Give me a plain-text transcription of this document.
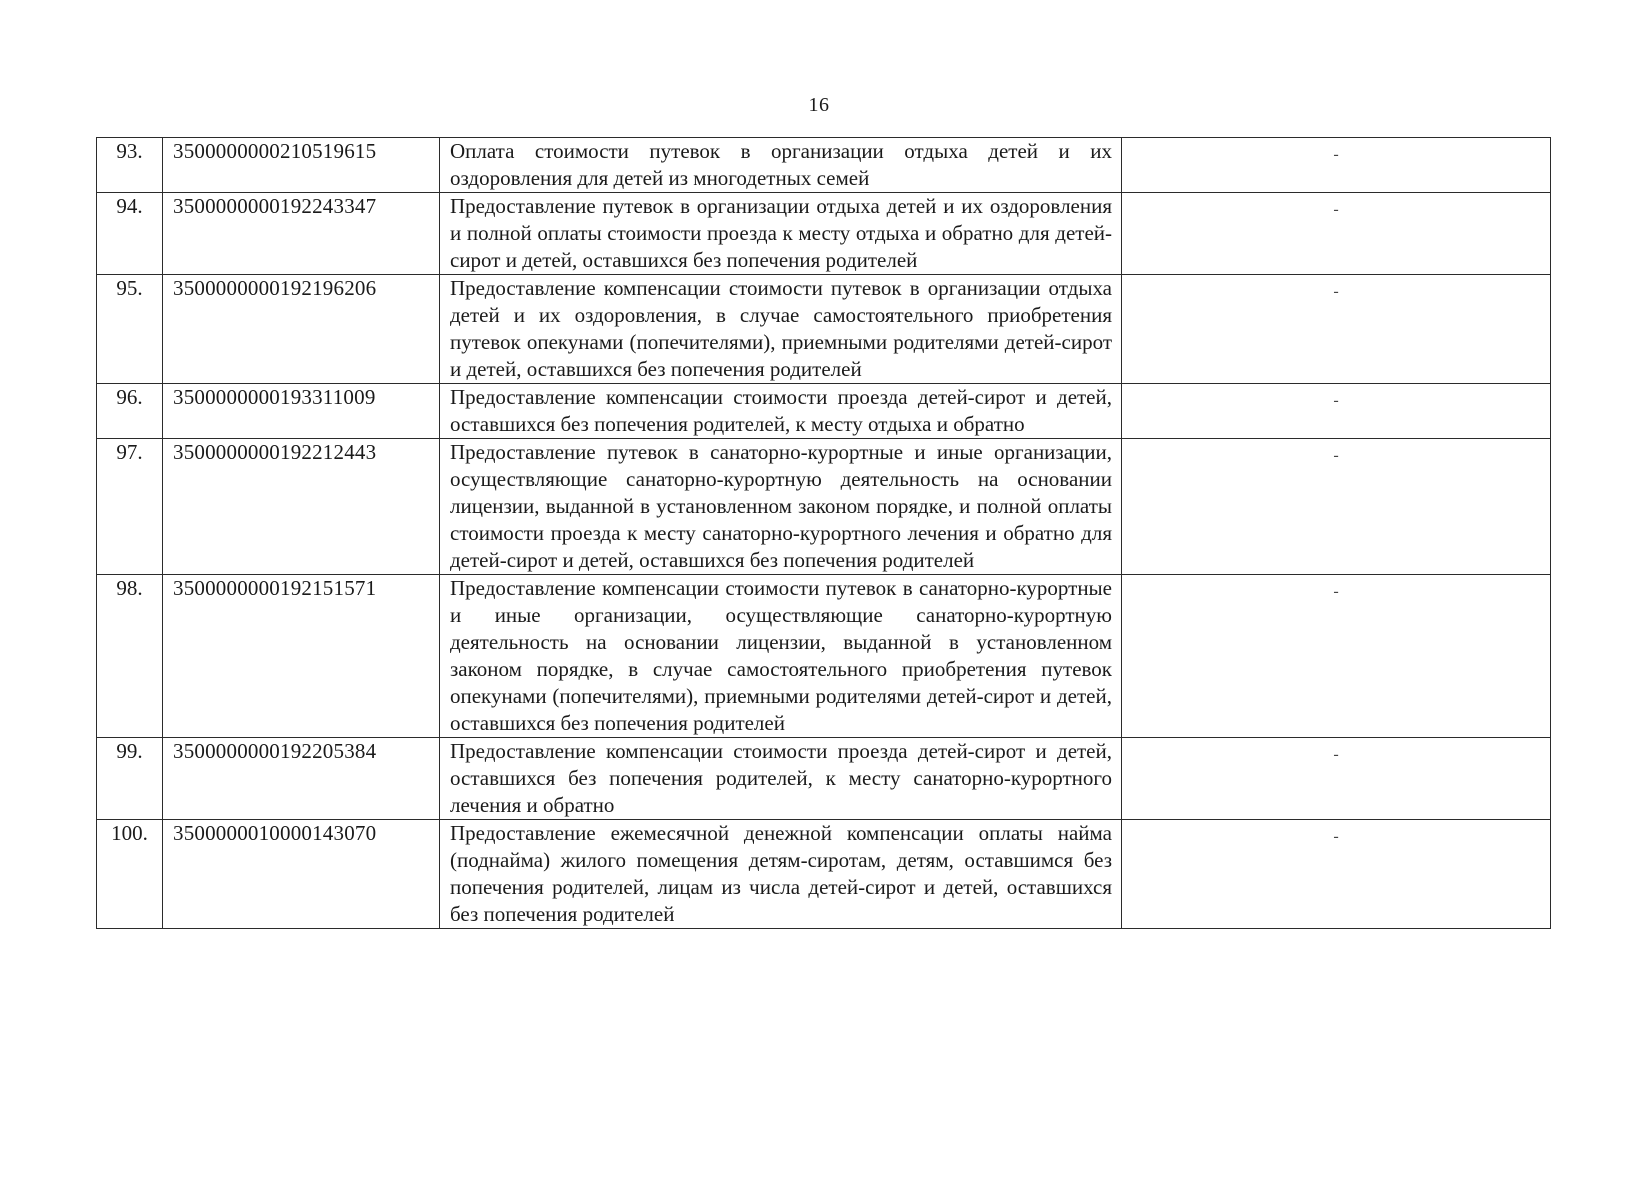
16
93.	3500000000210519615	Оплата стоимости путевок в организации отдыха детей и их оздоровления для детей из многодетных семей	-
94.	3500000000192243347	Предоставление путевок в организации отдыха детей и их оздоровления и полной оплаты стоимости проезда к месту отдыха и обратно для детей-сирот и детей, оставшихся без попечения родителей	-
95.	3500000000192196206	Предоставление компенсации стоимости путевок в организации отдыха детей и их оздоровления, в случае самостоятельного приобретения путевок опекунами (попечителями), приемными родителями детей-сирот и детей, оставшихся без попечения родителей	-
96.	3500000000193311009	Предоставление компенсации стоимости проезда детей-сирот и детей, оставшихся без попечения родителей, к месту отдыха и обратно	-
97.	3500000000192212443	Предоставление путевок в санаторно-курортные и иные организации, осуществляющие санаторно-курортную деятельность на основании лицензии, выданной в установленном законом порядке, и полной оплаты стоимости проезда к месту санаторно-курортного лечения и обратно для детей-сирот и детей, оставшихся без попечения родителей	-
98.	3500000000192151571	Предоставление компенсации стоимости путевок в санаторно-курортные и иные организации, осуществляющие санаторно-курортную деятельность на основании лицензии, выданной в установленном законом порядке, в случае самостоятельного приобретения путевок опекунами (попечителями), приемными родителями детей-сирот и детей, оставшихся без попечения родителей	-
99.	3500000000192205384	Предоставление компенсации стоимости проезда детей-сирот и детей, оставшихся без попечения родителей, к месту санаторно-курортного лечения и обратно	-
100.	3500000010000143070	Предоставление ежемесячной денежной компенсации оплаты найма (поднайма) жилого помещения детям-сиротам, детям, оставшимся без попечения родителей, лицам из числа детей-сирот и детей, оставшихся без попечения родителей	-
